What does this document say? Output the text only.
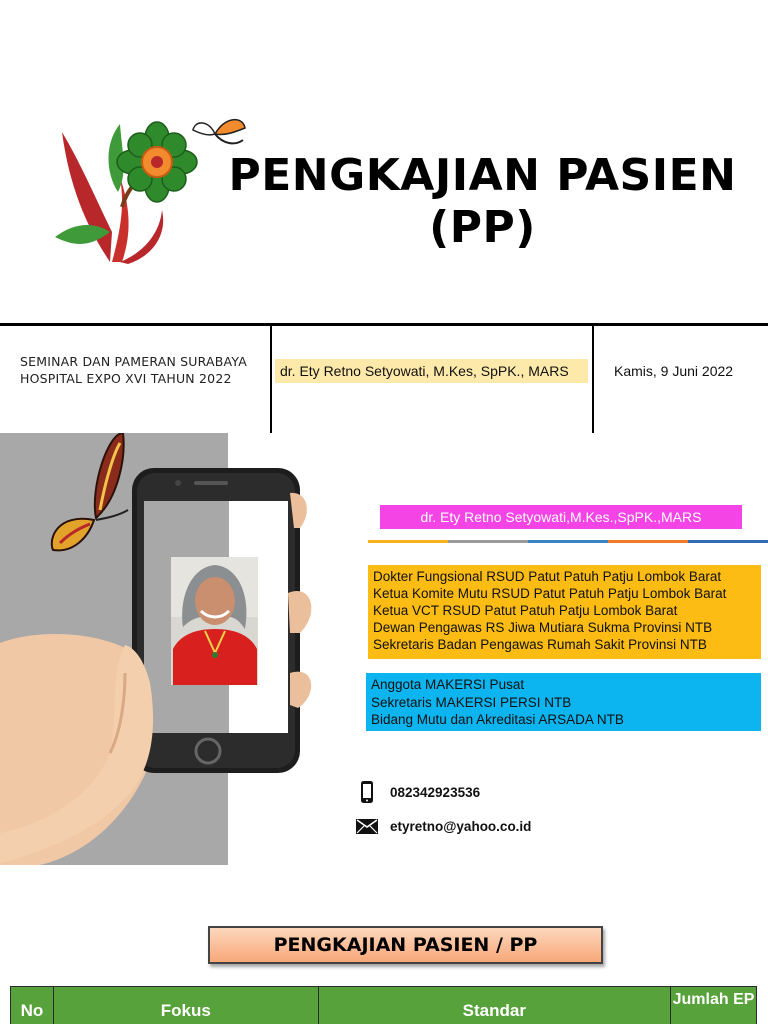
PENGKAJIAN PASIEN
(PP)
SEMINAR DAN PAMERAN SURABAYA
HOSPITAL EXPO XVI TAHUN 2022	dr. Ety Retno Setyowati, M.Kes, SpPK., MARS	Kamis, 9 Juni 2022
dr. Ety Retno Setyowati,M.Kes.,SpPK.,MARS
Dokter Fungsional RSUD Patut Patuh Patju Lombok Barat
Ketua Komite Mutu RSUD Patut Patuh Patju Lombok Barat
Ketua VCT RSUD Patut Patuh Patju Lombok Barat
Dewan Pengawas RS Jiwa Mutiara Sukma Provinsi NTB
Sekretaris Badan Pengawas Rumah Sakit Provinsi NTB
Anggota MAKERSI Pusat
Sekretaris MAKERSI PERSI NTB
Bidang Mutu dan Akreditasi ARSADA NTB
082342923536
etyretno@yahoo.co.id
PENGKAJIAN PASIEN / PP
No	Fokus	Standar	Jumlah EP
